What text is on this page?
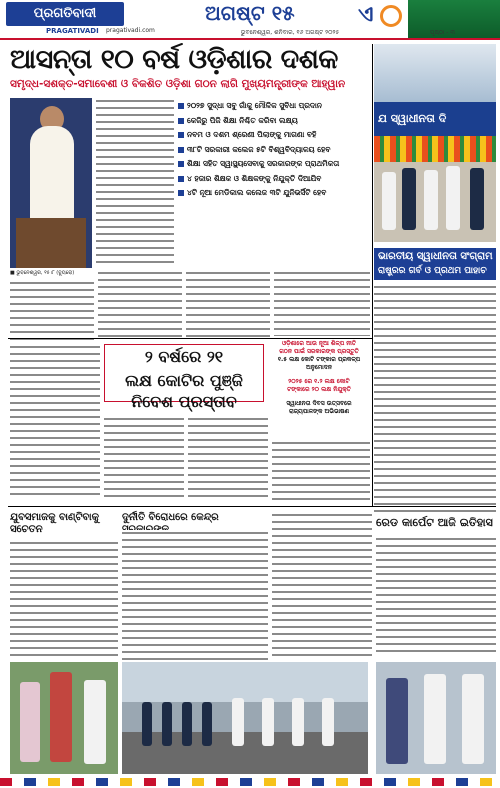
ପ୍ରଗତିବାଦୀ
PRAGATIVADI pragativadi.com
ଅଗଷ୍ଟ ୧୫	ଏ
ଭୁବନେଶ୍ୱର, ଶନିବାର, ୧୬ ଅଗଷ୍ଟ ୨୦୨୫	ପୃଷ୍ଠା - ୩
ଆସନ୍ତା ୧୦ ବର୍ଷ ଓଡ଼ିଶାର ଦଶକ
ସମୃଦ୍ଧ-ସଶକ୍ତ-ସମାବେଶୀ ଓ ବିକଶିତ ଓଡ଼ିଶା ଗଠନ ଲାଗି ମୁଖ୍ୟମନ୍ତ୍ରୀଙ୍କ ଆହ୍ୱାନ
ଯ ସ୍ୱାଧୀନତା ଦି
ଭାରତୀୟ ସ୍ୱାଧୀନତା ସଂଗ୍ରାମ
ରାଷ୍ଟ୍ରର ଗର୍ବ ଓ ପ୍ରଥମ ପାହାଚ
■ ଭୁବନେଶ୍ୱର, ୧୫।୮ (ବ୍ୟୁରୋ)
୨୦୨୭ ସୁଦ୍ଧା ସବୁ ଗାଁକୁ ମୌଳିକ ସୁବିଧା ପ୍ରଦାନ
କେଜିରୁ ପିଜି ଶିକ୍ଷା ନିଶ୍ଚିତ କରିବା ଲକ୍ଷ୍ୟ
ନବମ ଓ ଦଶମ ଶ୍ରେଣୀ ପିଲାଙ୍କୁ ମାଗଣା ବହି
୩୮ଟି ସରକାରୀ କଲେଜ ୫ଟି ବିଶ୍ୱବିଦ୍ୟାଳୟ ହେବ
ଶିକ୍ଷା ସହିତ ସ୍ୱାସ୍ଥ୍ୟସେବାକୁ ସରକାରଙ୍କ ପ୍ରାଥମିକତା
୪ ହଜାର ଶିକ୍ଷକ ଓ ଶିକ୍ଷକଙ୍କୁ ନିଯୁକ୍ତି ଦିଆଯିବ
୪ଟି ନୂଆ ମେଡିକାଲ କଲେଜ ୩ଟି ଯୁନିଭର୍ସିଟି ହେବ
୨ ବର୍ଷରେ ୨୧
ଲକ୍ଷ କୋଟିର ପୁଞ୍ଜି
ନିବେଶ ପ୍ରସ୍ତାବ
ଓଡ଼ିଶାରେ ଆଉ ନୂଆ ଶିଳ୍ପ ନୀତି
ଗଠନ ପାଇଁ ସରକାରଙ୍କ ପ୍ରସ୍ତୁତି
୧.୫ ଲକ୍ଷ କୋଟି ଟଙ୍କାର ପ୍ରକଳ୍ପ ଅନୁମୋଦନ
୨୦୨୫ ରେ ୧.୨ ଲକ୍ଷ କୋଟି
ଟଙ୍କାରେ ୨୦ ଲକ୍ଷ ନିଯୁକ୍ତି
ସ୍ୱାଧୀନତା ଦିବସ ଉତ୍ସବରେ
ରାଜ୍ୟପାଳଙ୍କ ଅଭିଭାଷଣ
ଯୁବସମାଜକୁ ବାଣ୍ଟିବାକୁ ସଚେତନ
ଦୁର୍ନୀତି ବିରୋଧରେ କେନ୍ଦ୍ର	ରେଡ କାର୍ପେଟ ଆଜି ଇତିହାସ
